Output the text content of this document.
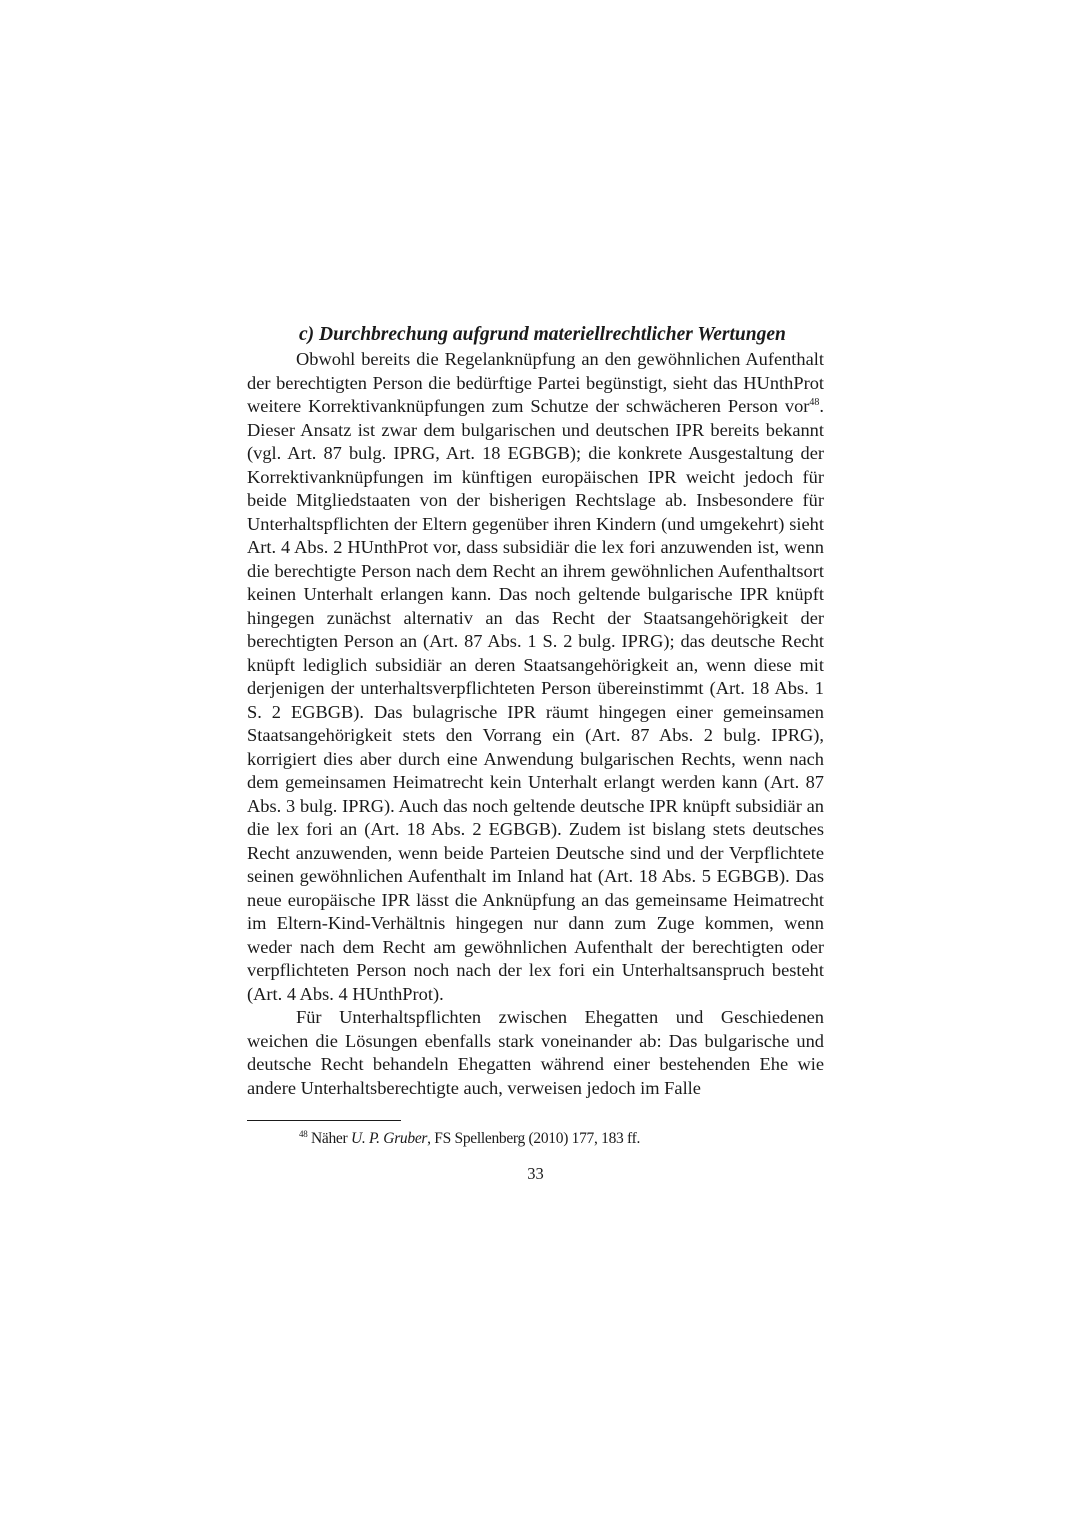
c) Durchbrechung aufgrund materiellrechtlicher Wertungen

Obwohl bereits die Regelanknüpfung an den gewöhnlichen Aufenthalt der berechtigten Person die bedürftige Partei begünstigt, sieht das HUnthProt weitere Korrektivanknüpfungen zum Schutze der schwächeren Person vor$^{48}$. Dieser Ansatz ist zwar dem bulgarischen und deutschen IPR bereits bekannt (vgl. Art. 87 bulg. IPRG, Art. 18 EGBGB); die konkrete Ausgestaltung der Korrektivanknüpfungen im künftigen europäischen IPR weicht jedoch für beide Mitgliedstaaten von der bisherigen Rechtslage ab. Insbesondere für Unterhaltspflichten der Eltern gegenüber ihren Kindern (und umgekehrt) sieht Art. 4 Abs. 2 HUnthProt vor, dass subsidiär die lex fori anzuwenden ist, wenn die berechtigte Person nach dem Recht an ihrem gewöhnlichen Aufenthaltsort keinen Unterhalt erlangen kann. Das noch geltende bulgarische IPR knüpft hingegen zunächst alternativ an das Recht der Staatsangehörigkeit der berechtigten Person an (Art. 87 Abs. 1 S. 2 bulg. IPRG); das deutsche Recht knüpft lediglich subsidiär an deren Staatsangehörigkeit an, wenn diese mit derjenigen der unterhaltsverpflichteten Person übereinstimmt (Art. 18 Abs. 1 S. 2 EGBGB). Das bulagrische IPR räumt hingegen einer gemeinsamen Staatsangehörigkeit stets den Vorrang ein (Art. 87 Abs. 2 bulg. IPRG), korrigiert dies aber durch eine Anwendung bulgarischen Rechts, wenn nach dem gemeinsamen Heimatrecht kein Unterhalt erlangt werden kann (Art. 87 Abs. 3 bulg. IPRG). Auch das noch geltende deutsche IPR knüpft subsidiär an die lex fori an (Art. 18 Abs. 2 EGBGB). Zudem ist bislang stets deutsches Recht anzuwenden, wenn beide Parteien Deutsche sind und der Verpflichtete seinen gewöhnlichen Aufenthalt im Inland hat (Art. 18 Abs. 5 EGBGB). Das neue europäische IPR lässt die Anknüpfung an das gemeinsame Heimatrecht im Eltern-Kind-Verhältnis hingegen nur dann zum Zuge kommen, wenn weder nach dem Recht am gewöhnlichen Aufenthalt der berechtigten oder verpflichteten Person noch nach der lex fori ein Unterhaltsanspruch besteht (Art. 4 Abs. 4 HUnthProt).

Für Unterhaltspflichten zwischen Ehegatten und Geschiedenen weichen die Lösungen ebenfalls stark voneinander ab: Das bulgarische und deutsche Recht behandeln Ehegatten während einer bestehenden Ehe wie andere Unterhaltsberechtigte auch, verweisen jedoch im Falle

$^{48}$ Näher U. P. Gruber, FS Spellenberg (2010) 177, 183 ff.

33
